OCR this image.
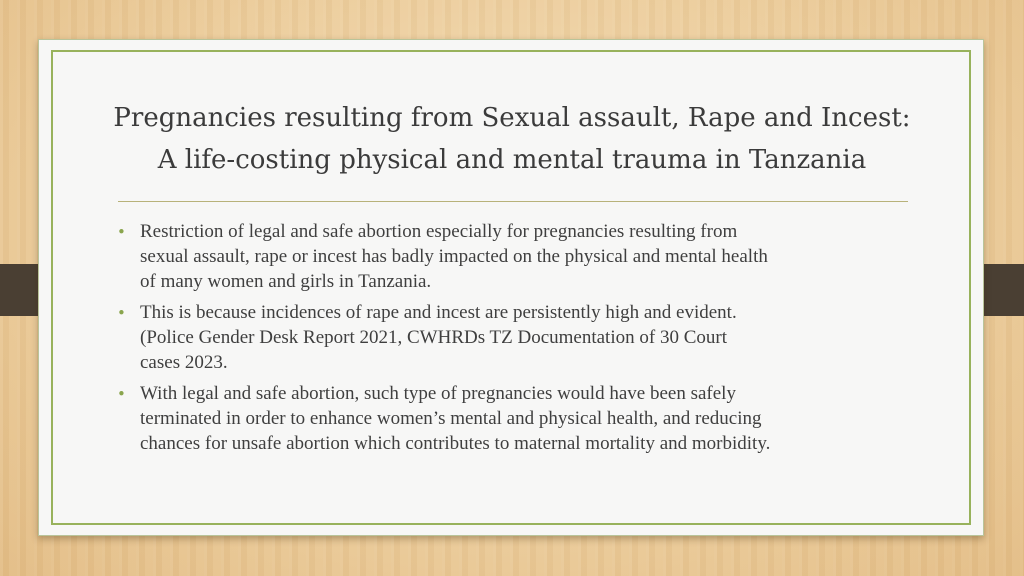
Pregnancies resulting from Sexual assault, Rape and Incest:
A life-costing physical and mental trauma in Tanzania
• Restriction of legal and safe abortion especially for pregnancies resulting from
sexual assault, rape or incest has badly impacted on the physical and mental health
of many women and girls in Tanzania.
• This is because incidences of rape and incest are persistently high and evident.
(Police Gender Desk Report 2021, CWHRDs TZ Documentation of 30 Court
cases 2023.
• With legal and safe abortion, such type of pregnancies would have been safely
terminated in order to enhance women’s mental and physical health, and reducing
chances for unsafe abortion which contributes to maternal mortality and morbidity.
